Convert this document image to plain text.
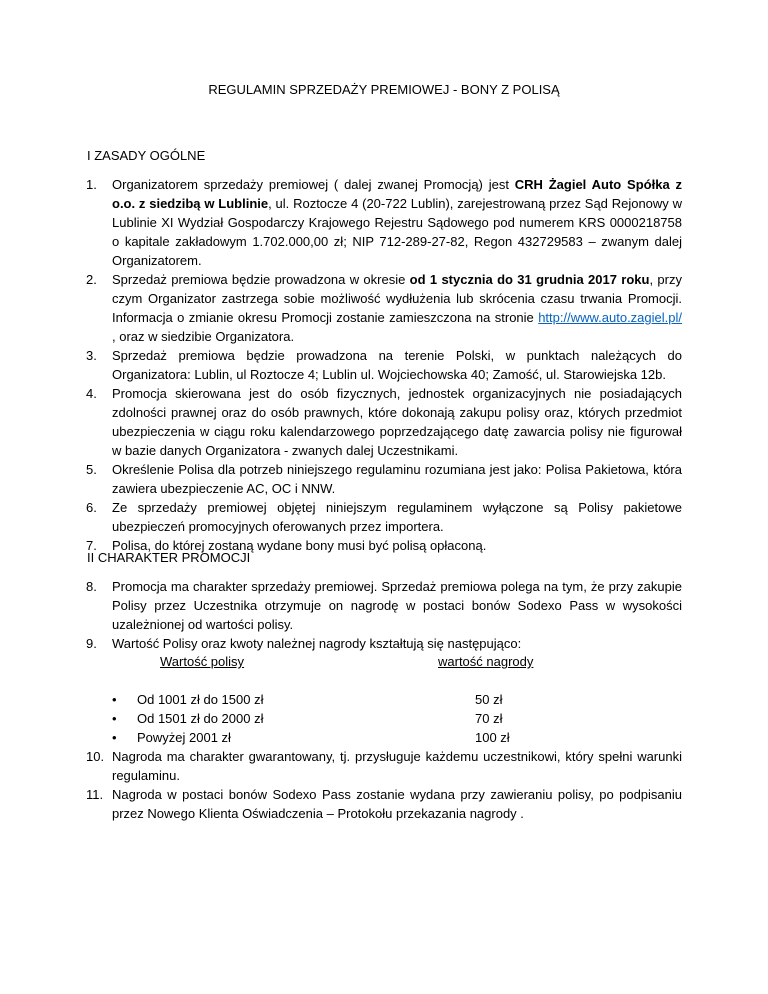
REGULAMIN SPRZEDAŻY PREMIOWEJ - BONY Z POLISĄ
I ZASADY OGÓLNE
1. Organizatorem sprzedaży premiowej ( dalej zwanej Promocją) jest CRH Żagiel Auto Spółka z o.o. z siedzibą w Lublinie, ul. Roztocze 4 (20-722 Lublin), zarejestrowaną przez Sąd Rejonowy w Lublinie XI Wydział Gospodarczy Krajowego Rejestru Sądowego pod numerem KRS 0000218758 o kapitale zakładowym 1.702.000,00 zł; NIP 712-289-27-82, Regon 432729583 – zwanym dalej Organizatorem.
2. Sprzedaż premiowa będzie prowadzona w okresie od 1 stycznia do 31 grudnia 2017 roku, przy czym Organizator zastrzega sobie możliwość wydłużenia lub skrócenia czasu trwania Promocji. Informacja o zmianie okresu Promocji zostanie zamieszczona na stronie http://www.auto.zagiel.pl/ , oraz w siedzibie Organizatora.
3. Sprzedaż premiowa będzie prowadzona na terenie Polski, w punktach należących do Organizatora: Lublin, ul Roztocze 4; Lublin ul. Wojciechowska 40; Zamość, ul. Starowiejska 12b.
4. Promocja skierowana jest do osób fizycznych, jednostek organizacyjnych nie posiadających zdolności prawnej oraz do osób prawnych, które dokonają zakupu polisy oraz, których przedmiot ubezpieczenia w ciągu roku kalendarzowego poprzedzającego datę zawarcia polisy nie figurował w bazie danych Organizatora - zwanych dalej Uczestnikami.
5. Określenie Polisa dla potrzeb niniejszego regulaminu rozumiana jest jako: Polisa Pakietowa, która zawiera ubezpieczenie AC, OC i NNW.
6. Ze sprzedaży premiowej objętej niniejszym regulaminem wyłączone są Polisy pakietowe ubezpieczeń promocyjnych oferowanych przez importera.
7. Polisa, do której zostaną wydane bony musi być polisą opłaconą.
II CHARAKTER PROMOCJI
8. Promocja ma charakter sprzedaży premiowej. Sprzedaż premiowa polega na tym, że przy zakupie Polisy przez Uczestnika otrzymuje on nagrodę w postaci bonów Sodexo Pass w wysokości uzależnionej od wartości polisy.
9. Wartość Polisy oraz kwoty należnej nagrody kształtują się następująco:
Wartość polisy	wartość nagrody
• Od 1001 zł do 1500 zł	50 zł
• Od 1501 zł do 2000 zł	70 zł
• Powyżej 2001 zł	100 zł
10. Nagroda ma charakter gwarantowany, tj. przysługuje każdemu uczestnikowi, który spełni warunki regulaminu.
11. Nagroda w postaci bonów Sodexo Pass zostanie wydana przy zawieraniu polisy, po podpisaniu przez Nowego Klienta Oświadczenia – Protokołu przekazania nagrody .
